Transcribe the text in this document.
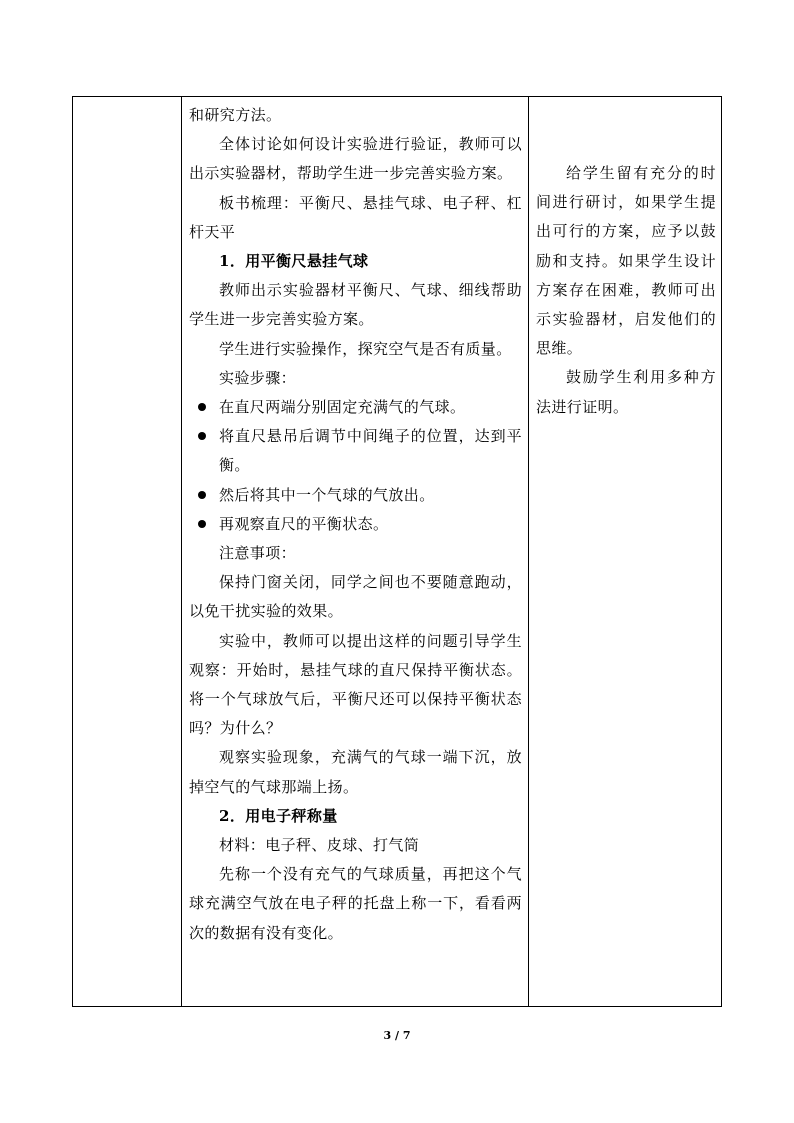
和研究方法。

全体讨论如何设计实验进行验证，教师可以出示实验器材，帮助学生进一步完善实验方案。

板书梳理：平衡尺、悬挂气球、电子秤、杠杆天平

1．用平衡尺悬挂气球

教师出示实验器材平衡尺、气球、细线帮助学生进一步完善实验方案。

学生进行实验操作，探究空气是否有质量。

实验步骤：

在直尺两端分别固定充满气的气球。
将直尺悬吊后调节中间绳子的位置，达到平衡。
然后将其中一个气球的气放出。
再观察直尺的平衡状态。

注意事项：

保持门窗关闭，同学之间也不要随意跑动，以免干扰实验的效果。

实验中，教师可以提出这样的问题引导学生观察：开始时，悬挂气球的直尺保持平衡状态。将一个气球放气后，平衡尺还可以保持平衡状态吗？为什么？

观察实验现象，充满气的气球一端下沉，放掉空气的气球那端上扬。

2．用电子秤称量

材料：电子秤、皮球、打气筒

先称一个没有充气的气球质量，再把这个气球充满空气放在电子秤的托盘上称一下，看看两次的数据有没有变化。

给学生留有充分的时间进行研讨，如果学生提出可行的方案，应予以鼓励和支持。如果学生设计方案存在困难，教师可出示实验器材，启发他们的思维。

鼓励学生利用多种方法进行证明。

3 / 7
